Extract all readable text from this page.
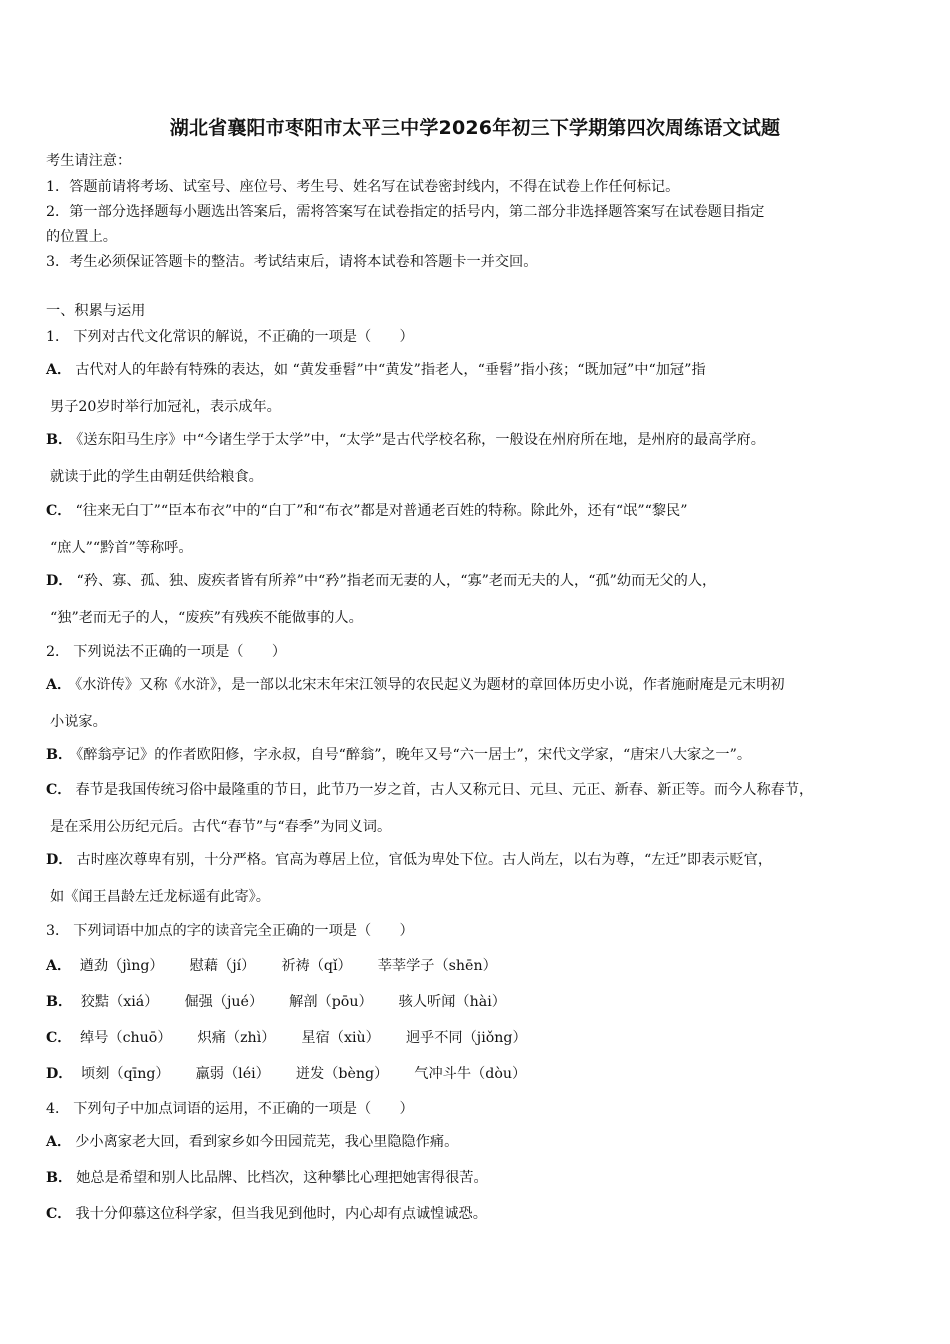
湖北省襄阳市枣阳市太平三中学2026年初三下学期第四次周练语文试题
考生请注意：
1．答题前请将考场、试室号、座位号、考生号、姓名写在试卷密封线内，不得在试卷上作任何标记。
2．第一部分选择题每小题选出答案后，需将答案写在试卷指定的括号内，第二部分非选择题答案写在试卷题目指定
的位置上。
3．考生必须保证答题卡的整洁。考试结束后，请将本试卷和答题卡一并交回。
一、积累与运用
1． 下列对古代文化常识的解说，不正确的一项是（　　）
A． 古代对人的年龄有特殊的表达，如 “黄发垂髫”中“黄发”指老人，“垂髫”指小孩；“既加冠”中“加冠”指
男子20岁时举行加冠礼，表示成年。
B． 《送东阳马生序》中“今诸生学于太学”中，“太学”是古代学校名称，一般设在州府所在地，是州府的最高学府。
就读于此的学生由朝廷供给粮食。
C． “往来无白丁”“臣本布衣”中的“白丁”和“布衣”都是对普通老百姓的特称。除此外，还有“氓”“黎民”
“庶人”“黔首”等称呼。
D． “矜、寡、孤、独、废疾者皆有所养”中“矜”指老而无妻的人，“寡”老而无夫的人，“孤”幼而无父的人，
“独”老而无子的人，“废疾”有残疾不能做事的人。
2． 下列说法不正确的一项是（　　）
A． 《水浒传》又称《水浒》，是一部以北宋末年宋江领导的农民起义为题材的章回体历史小说，作者施耐庵是元末明初
小说家。
B． 《醉翁亭记》的作者欧阳修，字永叔，自号“醉翁”，晚年又号“六一居士”，宋代文学家，“唐宋八大家之一”。
C． 春节是我国传统习俗中最隆重的节日，此节乃一岁之首，古人又称元日、元旦、元正、新春、新正等。而今人称春节，
是在采用公历纪元后。古代“春节”与“春季”为同义词。
D． 古时座次尊卑有别，十分严格。官高为尊居上位，官低为卑处下位。古人尚左，以右为尊，“左迁”即表示贬官，
如《闻王昌龄左迁龙标遥有此寄》。
3． 下列词语中加点的字的读音完全正确的一项是（　　）
A． 遒劲（jìng） 慰藉（jí） 祈祷（qǐ） 莘莘学子（shēn）
B． 狡黠（xiá） 倔强（jué） 解剖（pōu） 骇人听闻（hài）
C． 绰号（chuō） 炽痛（zhì） 星宿（xiù） 迥乎不同（jiǒng）
D． 顷刻（qīng） 羸弱（léi） 迸发（bèng） 气冲斗牛（dòu）
4． 下列句子中加点词语的运用，不正确的一项是（　　）
A． 少小离家老大回，看到家乡如今田园荒芜，我心里隐隐作痛。
B． 她总是希望和别人比品牌、比档次，这种攀比心理把她害得很苦。
C． 我十分仰慕这位科学家，但当我见到他时，内心却有点诚惶诚恐。
